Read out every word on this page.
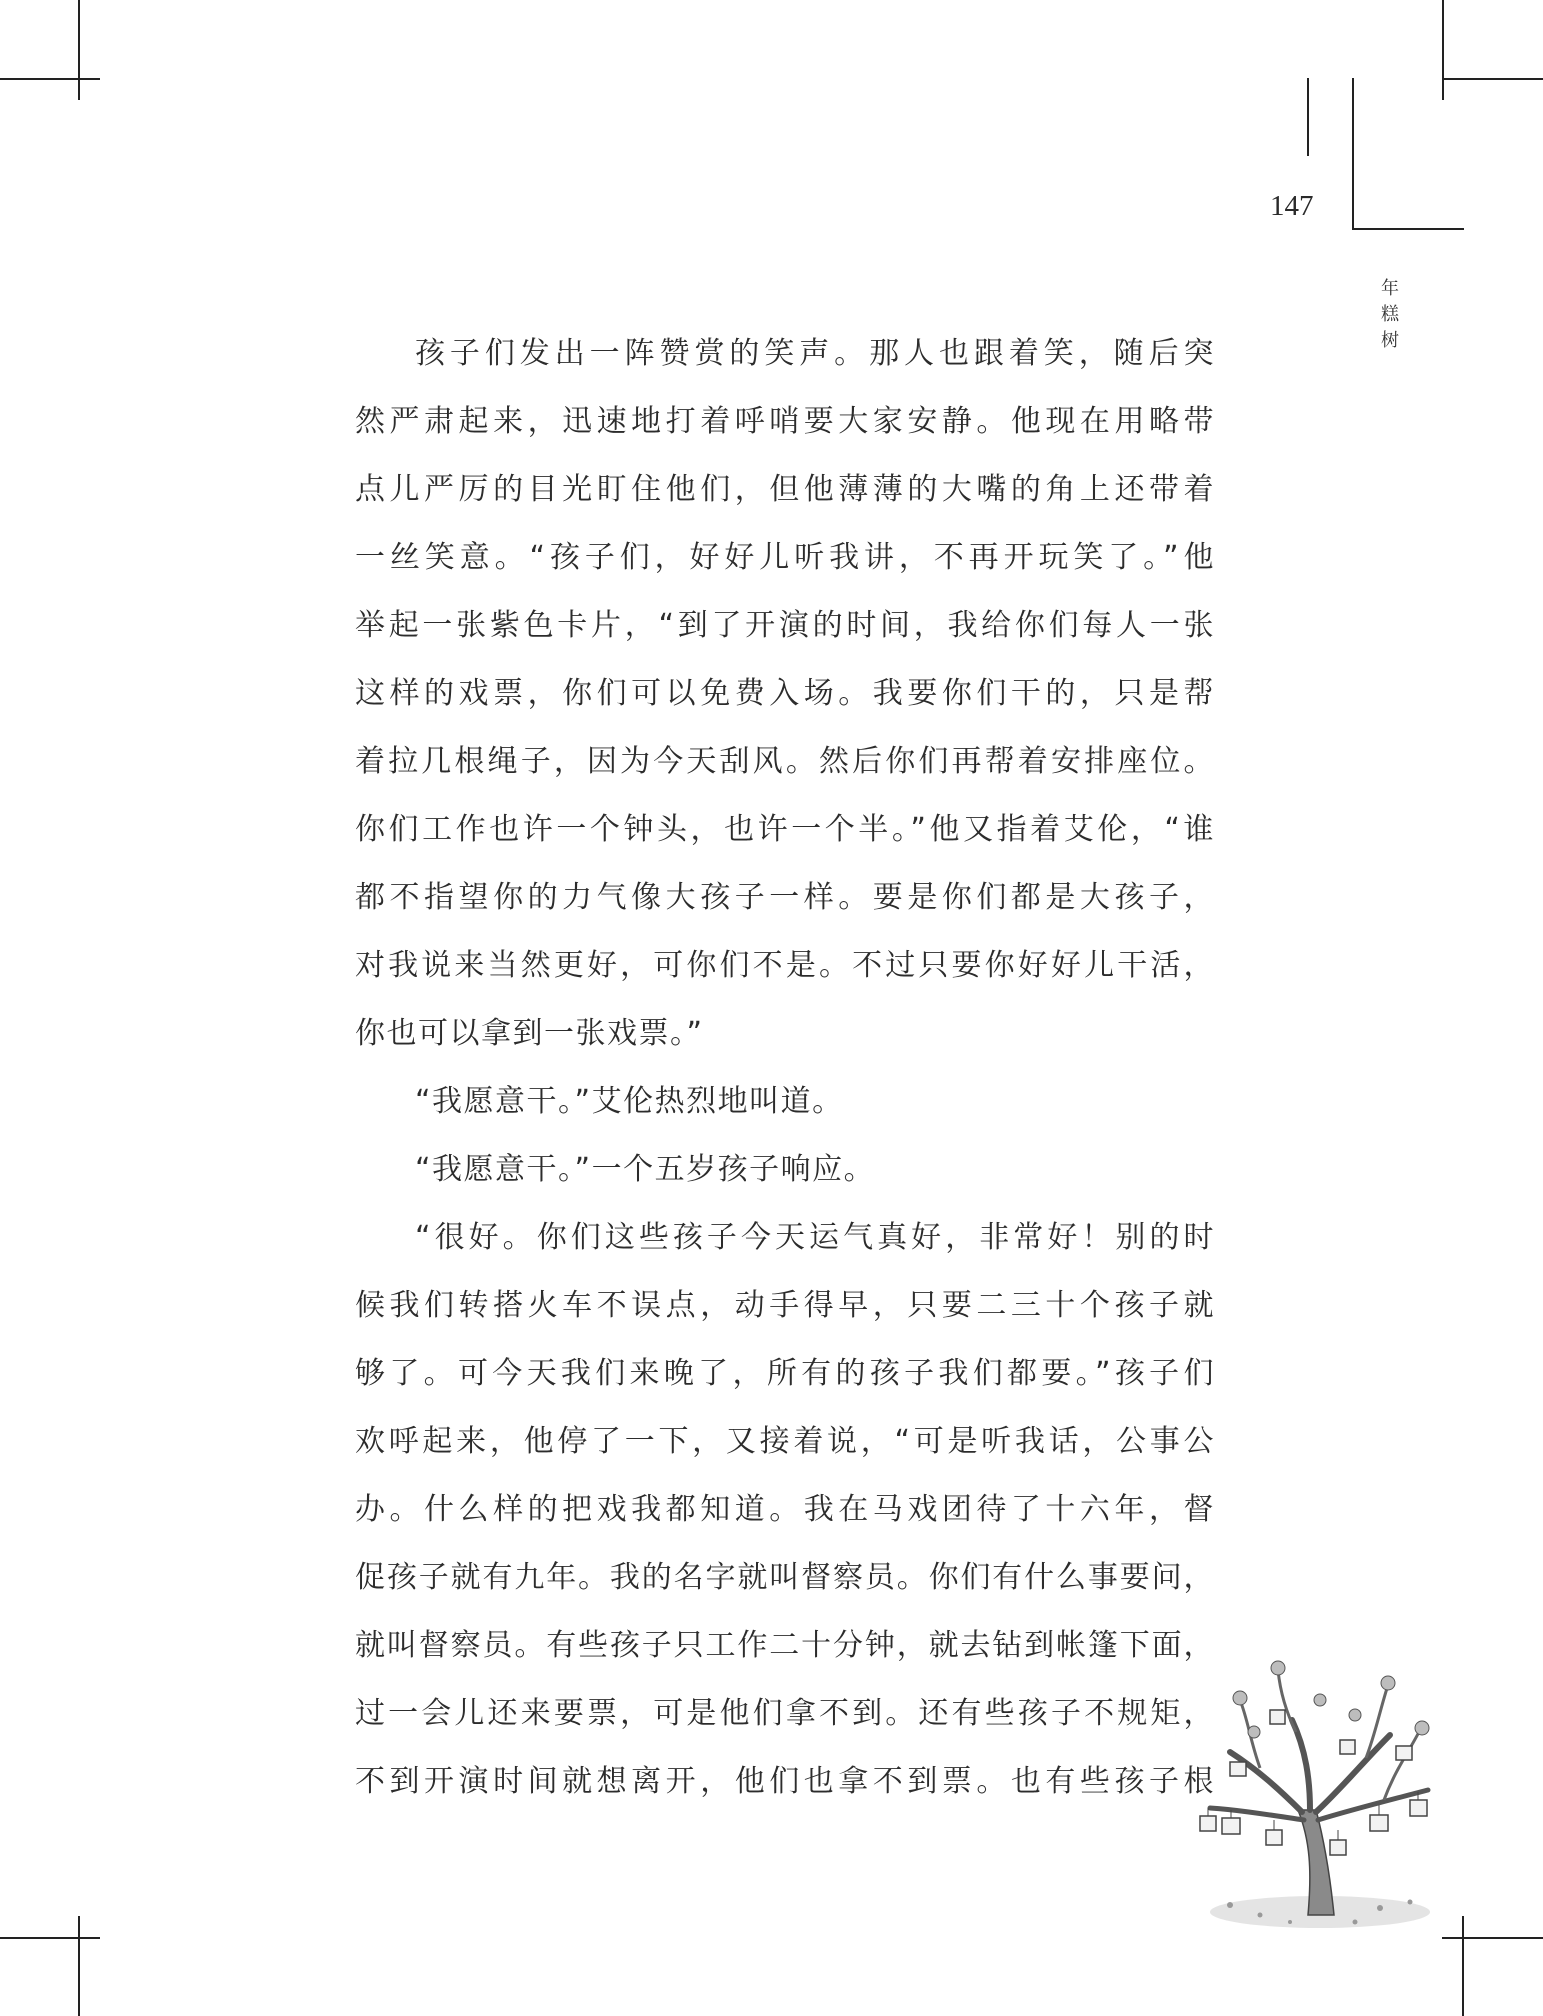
147
年
糕
树
孩子们发出一阵赞赏的笑声。那人也跟着笑，随后突
然严肃起来，迅速地打着呼哨要大家安静。他现在用略带
点儿严厉的目光盯住他们，但他薄薄的大嘴的角上还带着
一丝笑意。“孩子们，好好儿听我讲，不再开玩笑了。”他
举起一张紫色卡片，“到了开演的时间，我给你们每人一张
这样的戏票，你们可以免费入场。我要你们干的，只是帮
着拉几根绳子，因为今天刮风。然后你们再帮着安排座位。
你们工作也许一个钟头，也许一个半。”他又指着艾伦，“谁
都不指望你的力气像大孩子一样。要是你们都是大孩子，
对我说来当然更好，可你们不是。不过只要你好好儿干活，
你也可以拿到一张戏票。”
“我愿意干。”艾伦热烈地叫道。
“我愿意干。”一个五岁孩子响应。
“很好。你们这些孩子今天运气真好，非常好！别的时
候我们转搭火车不误点，动手得早，只要二三十个孩子就
够了。可今天我们来晚了，所有的孩子我们都要。”孩子们
欢呼起来，他停了一下，又接着说，“可是听我话，公事公
办。什么样的把戏我都知道。我在马戏团待了十六年，督
促孩子就有九年。我的名字就叫督察员。你们有什么事要问，
就叫督察员。有些孩子只工作二十分钟，就去钻到帐篷下面，
过一会儿还来要票，可是他们拿不到。还有些孩子不规矩，
不到开演时间就想离开，他们也拿不到票。也有些孩子根
